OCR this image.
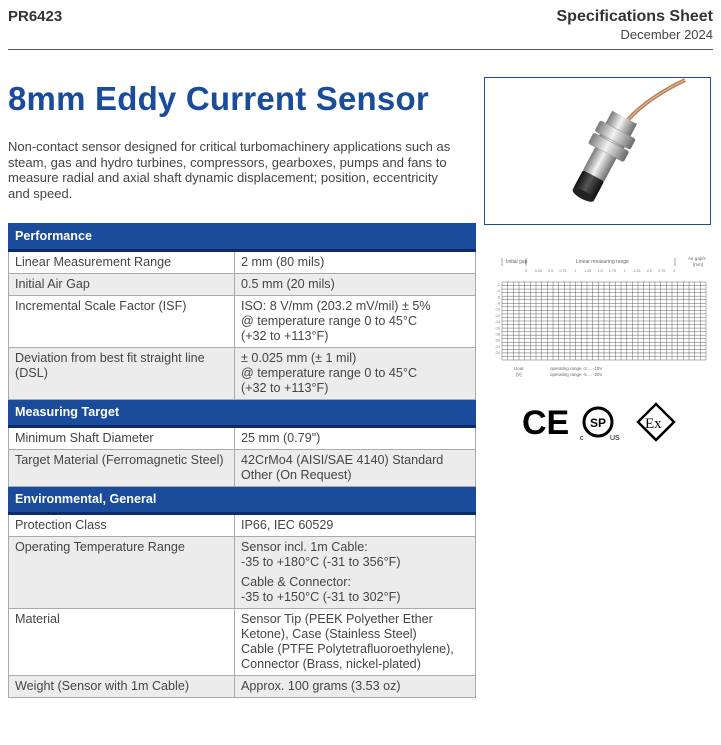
PR6423	Specifications Sheet
December 2024
8mm Eddy Current Sensor

Non-contact sensor designed for critical turbomachinery applications such as steam, gas and hydro turbines, compressors, gearboxes, pumps and fans to measure radial and axial shaft dynamic displacement; position, eccentricity and speed.

Performance	
Linear Measurement Range	2 mm (80 mils)
Initial Air Gap	0.5 mm (20 mils)
Incremental Scale Factor (ISF)	ISO: 8 V/mm (203.2 mV/mil) ± 5%
@ temperature range 0 to 45°C
(+32 to +113°F)
Deviation from best fit straight line
(DSL)	± 0.025 mm (± 1 mil)
@ temperature range 0 to 45°C
(+32 to +113°F)
Measuring Target	
Minimum Shaft Diameter	25 mm (0.79")
Target Material (Ferromagnetic Steel)	42CrMo4 (AISI/SAE 4140) Standard
Other (On Request)
Environmental, General	
Protection Class	IP66, IEC 60529
Operating Temperature Range	Sensor incl. 1m Cable:
-35 to +180°C (-31 to 356°F)
Cable & Connector:
-35 to +150°C (-31 to 302°F)

Material	Sensor Tip (PEEK Polyether Ether
Ketone), Case (Stainless Steel)
Cable (PTFE Polytetrafluoroethylene),
Connector (Brass, nickel-plated)
Weight (Sensor with 1m Cable)	Approx. 100 grams (3.53 oz)
Initial gap	Linear measuring range
Air gap/s
[mm]
0 0.25 0.5 0.75 1 1.25 1.5 1.75 2 2.25 2.5 2.75 3
-2
-4
-6
-8
-10
-12
-14
-16
-18
-20
-22
-24
Uout
[V]
operating range -2 ... -18V
operating range -5 ... -20V
CE SP
c	US
Ex
